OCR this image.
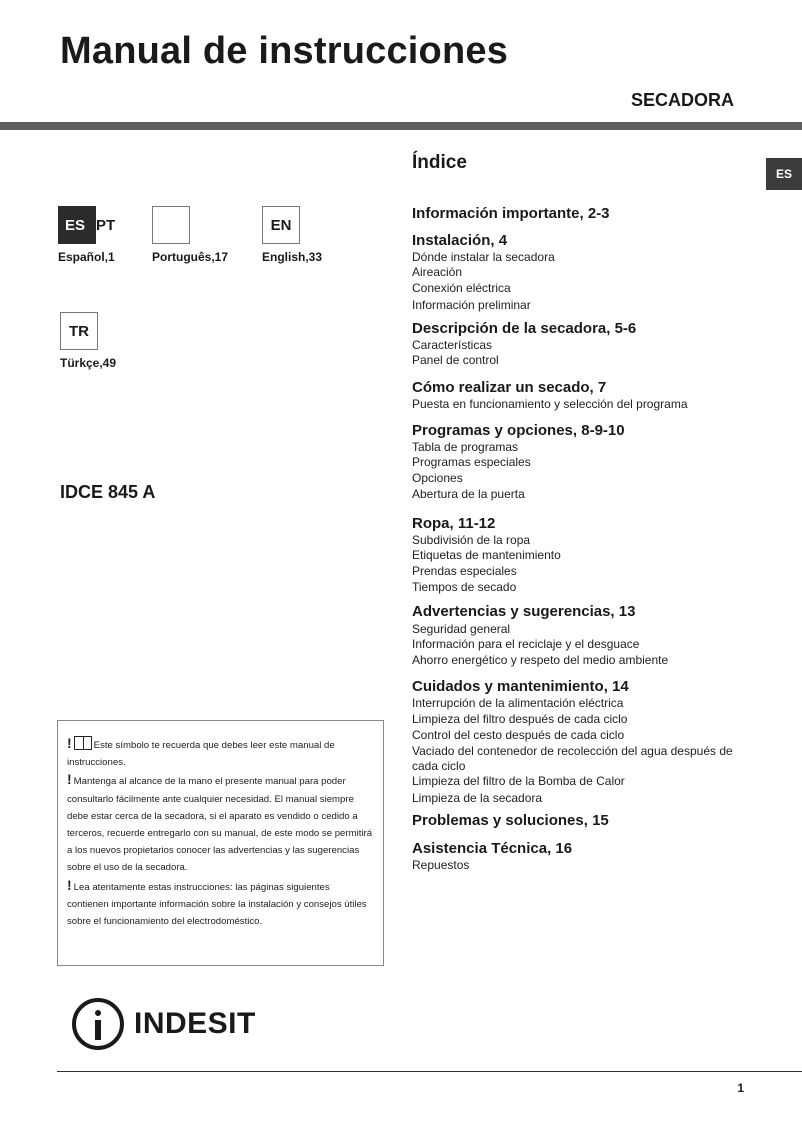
Manual de instrucciones
SECADORA
ES
ES PT
Español,1	Português,17
EN
English,33
TR
Türkçe,49
IDCE 845 A

! Este símbolo te recuerda que debes leer este manual de instrucciones.

! Mantenga al alcance de la mano el presente manual para poder consultarlo fácilmente ante cualquier necesidad. El manual siempre debe estar cerca de la secadora, si el aparato es vendido o cedido a terceros, recuerde entregarlo con su manual, de este modo se permitirá a los nuevos propietarios conocer las advertencias y las sugerencias sobre el uso de la secadora.

! Lea atentamente estas instrucciones: las páginas siguientes contienen importante información sobre la instalación y consejos útiles sobre el funcionamiento del electrodoméstico.

INDESIT
1
Índice
Información importante, 2-3
Instalación, 4
Dónde instalar la secadora
Aireación
Conexión eléctrica
Información preliminar
Descripción de la secadora, 5-6
Características
Panel de control
Cómo realizar un secado, 7
Puesta en funcionamiento y selección del programa
Programas y opciones, 8-9-10
Tabla de programas
Programas especiales
Opciones
Abertura de la puerta
Ropa, 11-12
Subdivisión de la ropa
Etiquetas de mantenimiento
Prendas especiales
Tiempos de secado
Advertencias y sugerencias, 13
Seguridad general
Información para el reciclaje y el desguace
Ahorro energético y respeto del medio ambiente
Cuidados y mantenimiento, 14
Interrupción de la alimentación eléctrica
Limpieza del filtro después de cada ciclo
Control del cesto después de cada ciclo
Vaciado del contenedor de recolección del agua después de
cada ciclo
Limpieza del filtro de la Bomba de Calor
Limpieza de la secadora
Problemas y soluciones, 15
Asistencia Técnica, 16
Repuestos
